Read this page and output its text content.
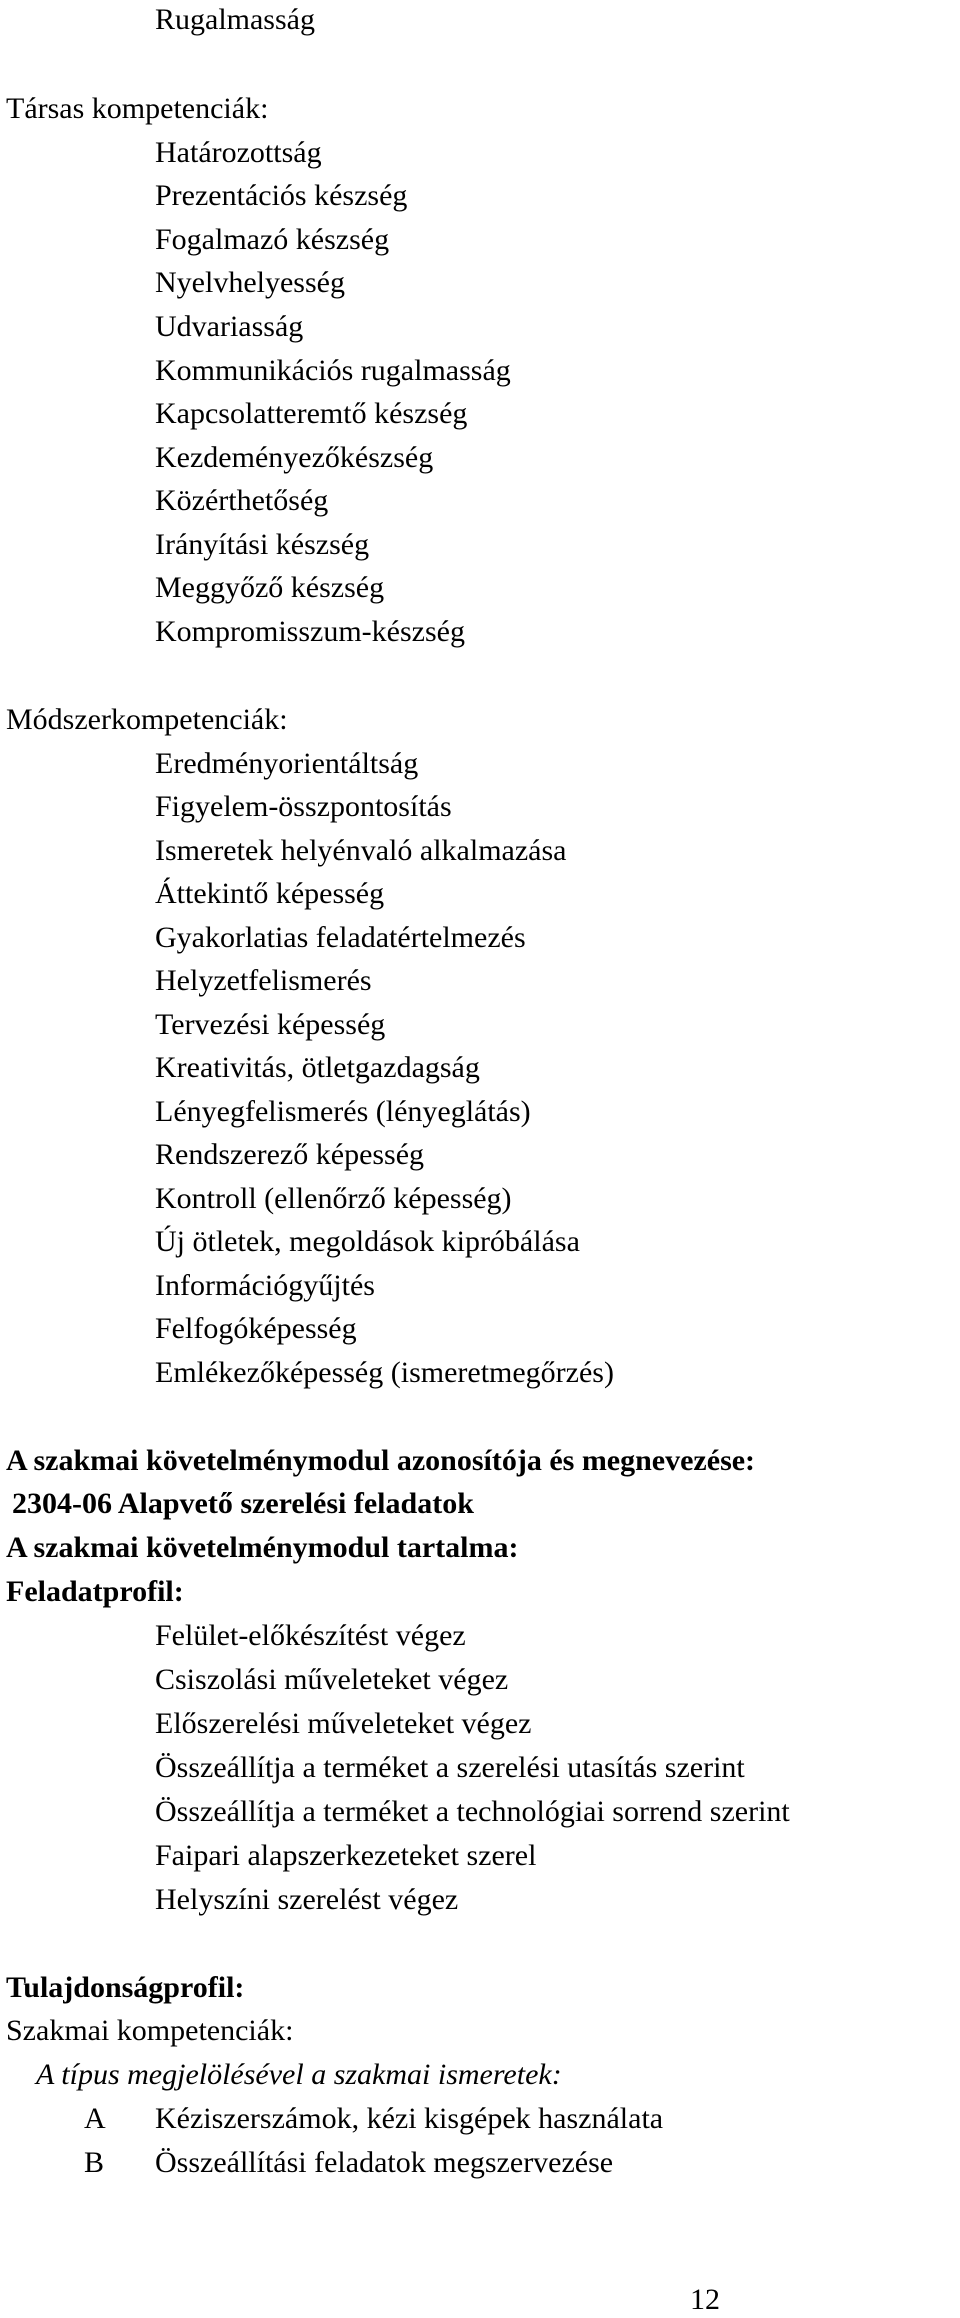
Rugalmasság
Társas kompetenciák:
Határozottság
Prezentációs készség
Fogalmazó készség
Nyelvhelyesség
Udvariasság
Kommunikációs rugalmasság
Kapcsolatteremtő készség
Kezdeményezőkészség
Közérthetőség
Irányítási készség
Meggyőző készség
Kompromisszum-készség
Módszerkompetenciák:
Eredményorientáltság
Figyelem-összpontosítás
Ismeretek helyénvaló alkalmazása
Áttekintő képesség
Gyakorlatias feladatértelmezés
Helyzetfelismerés
Tervezési képesség
Kreativitás, ötletgazdagság
Lényegfelismerés (lényeglátás)
Rendszerező képesség
Kontroll (ellenőrző képesség)
Új ötletek, megoldások kipróbálása
Információgyűjtés
Felfogóképesség
Emlékezőképesség (ismeretmegőrzés)
A szakmai követelménymodul azonosítója és megnevezése:
2304-06 Alapvető szerelési feladatok
A szakmai követelménymodul tartalma:
Feladatprofil:
Felület-előkészítést végez
Csiszolási műveleteket végez
Előszerelési műveleteket végez
Összeállítja a terméket a szerelési utasítás szerint
Összeállítja a terméket a technológiai sorrend szerint
Faipari alapszerkezeteket szerel
Helyszíni szerelést végez
Tulajdonságprofil:
Szakmai kompetenciák:
A típus megjelölésével a szakmai ismeretek:
A Kéziszerszámok, kézi kisgépek használata
B Összeállítási feladatok megszervezése
12
